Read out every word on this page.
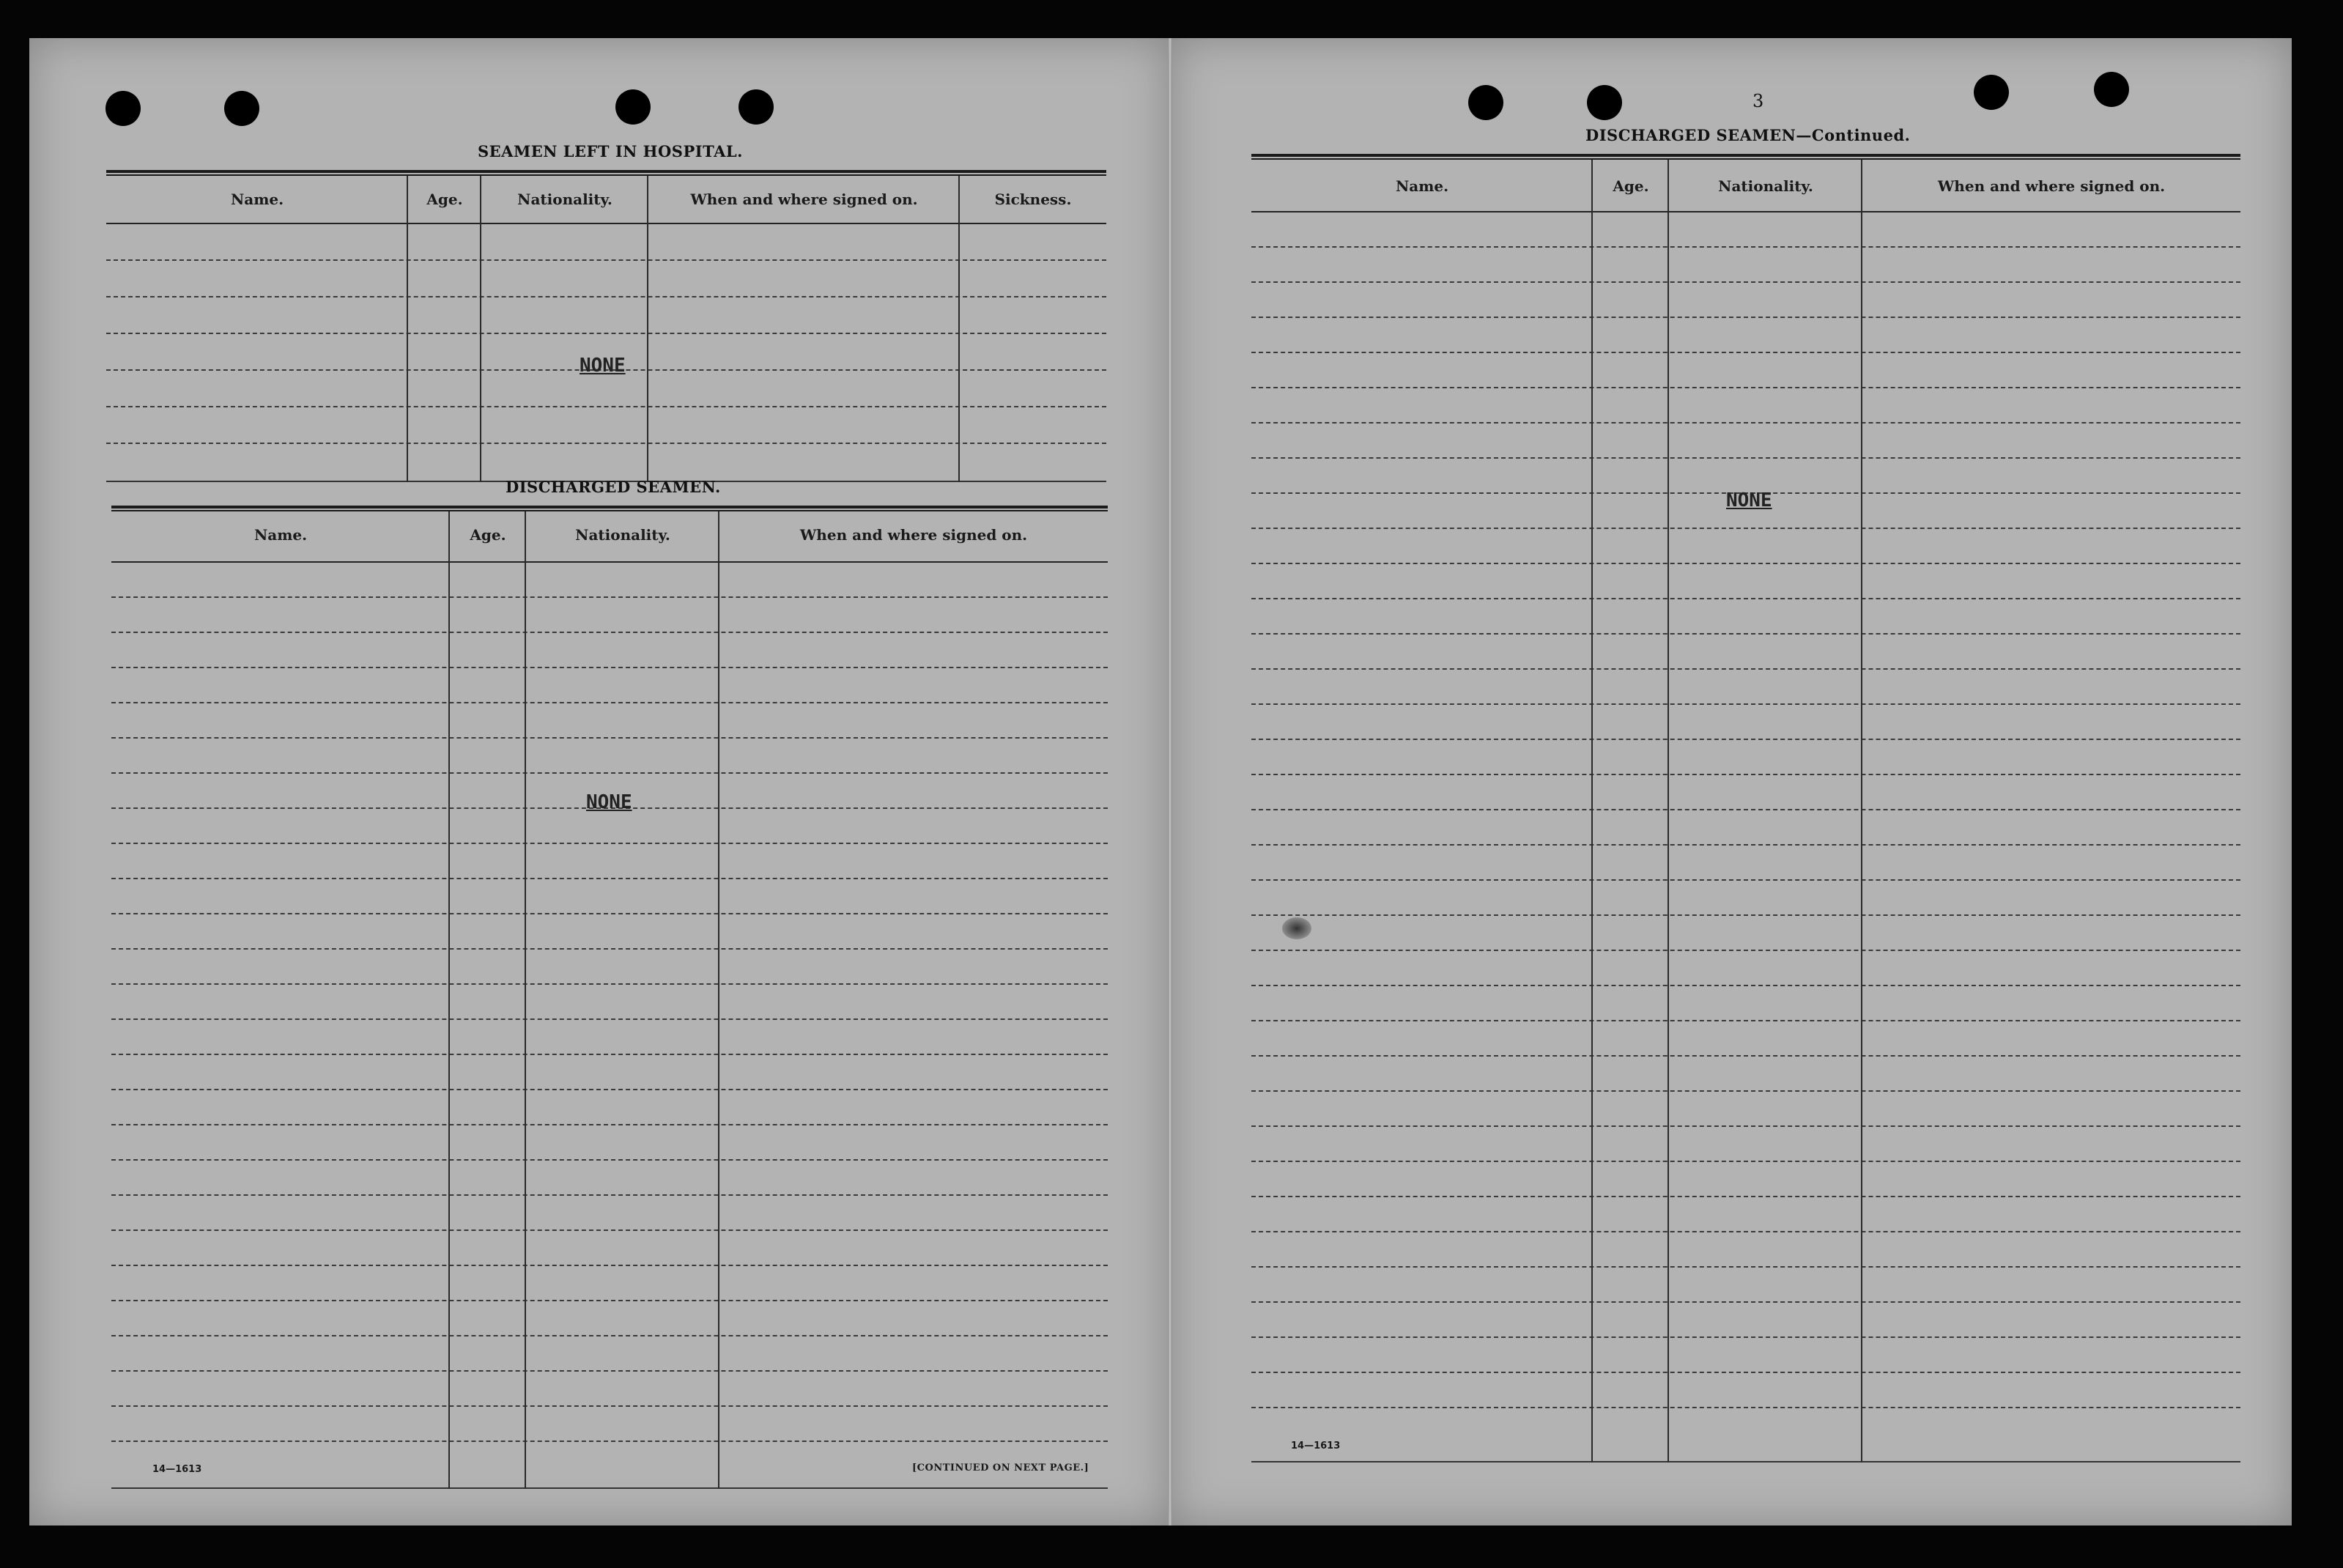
SEAMEN LEFT IN HOSPITAL.
Name.	Age.	Nationality.	When and where signed on.	Sickness.
NONE
DISCHARGED SEAMEN.
Name.	Age.	Nationality.	When and where signed on.
NONE
14—1613	[CONTINUED ON NEXT PAGE.]
3
DISCHARGED SEAMEN—Continued.
Name.	Age.	Nationality.	When and where signed on.
NONE
14—1613
